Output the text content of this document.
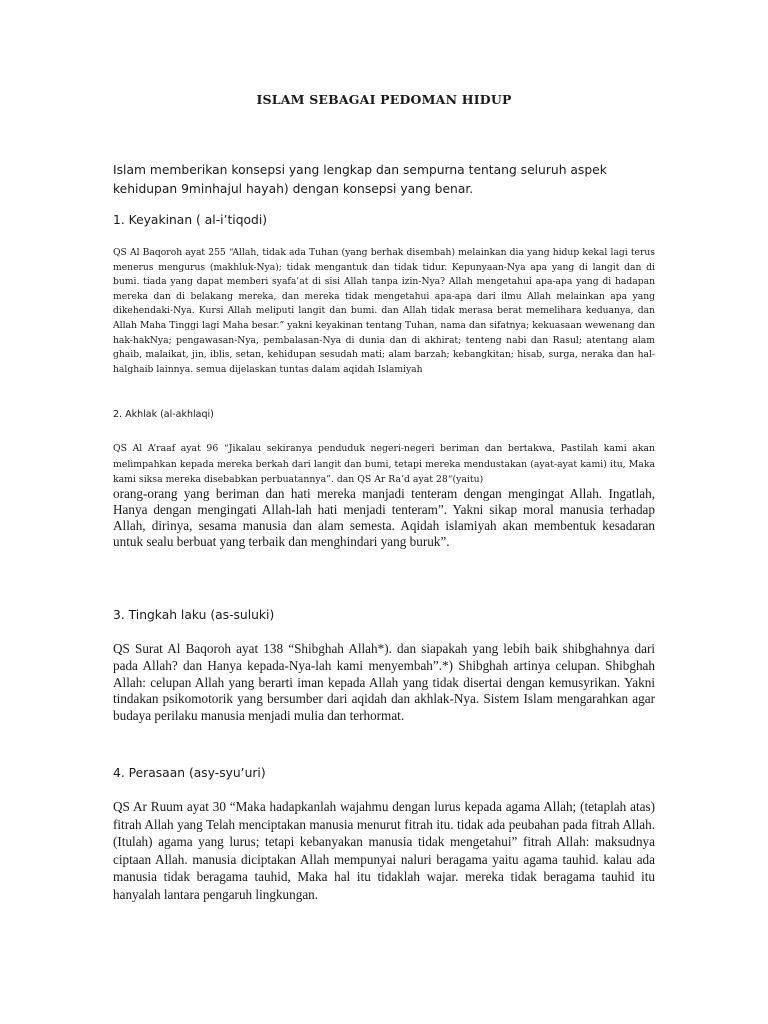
ISLAM SEBAGAI PEDOMAN HIDUP

Islam memberikan konsepsi yang lengkap dan sempurna tentang seluruh aspek kehidupan 9minhajul hayah) dengan konsepsi yang benar.

1. Keyakinan ( al-i’tiqodi)

QS Al Baqoroh ayat 255 “Allah, tidak ada Tuhan (yang berhak disembah) melainkan dia yang hidup kekal lagi terus menerus mengurus (makhluk-Nya); tidak mengantuk dan tidak tidur. Kepunyaan-Nya apa yang di langit dan di bumi. tiada yang dapat memberi syafa’at di sisi Allah tanpa izin-Nya? Allah mengetahui apa-apa yang di hadapan mereka dan di belakang mereka, dan mereka tidak mengetahui apa-apa dari ilmu Allah melainkan apa yang dikehendaki-Nya. Kursi Allah meliputi langit dan bumi. dan Allah tidak merasa berat memelihara keduanya, dan Allah Maha Tinggi lagi Maha besar.” yakni keyakinan tentang Tuhan, nama dan sifatnya; kekuasaan wewenang dan hak-hakNya; pengawasan-Nya, pembalasan-Nya di dunia dan di akhirat; tenteng nabi dan Rasul; atentang alam ghaib, malaikat, jin, iblis, setan, kehidupan sesudah mati; alam barzah; kebangkitan; hisab, surga, neraka dan hal-halghaib lainnya. semua dijelaskan tuntas dalam aqidah Islamiyah

2. Akhlak (al-akhlaqi)

QS Al A’raaf ayat 96 “Jikalau sekiranya penduduk negeri-negeri beriman dan bertakwa, Pastilah kami akan melimpahkan kepada mereka berkah dari langit dan bumi, tetapi mereka mendustakan (ayat-ayat kami) itu, Maka kami siksa mereka disebabkan perbuatannya”. dan QS Ar Ra’d ayat 28“(yaitu)

orang-orang yang beriman dan hati mereka manjadi tenteram dengan mengingat Allah. Ingatlah, Hanya dengan mengingati Allah-lah hati menjadi tenteram”. Yakni sikap moral manusia terhadap Allah, dirinya, sesama manusia dan alam semesta. Aqidah islamiyah akan membentuk kesadaran untuk sealu berbuat yang terbaik dan menghindari yang buruk”.

3. Tingkah laku (as-suluki)

QS Surat Al Baqoroh ayat 138 “Shibghah Allah*). dan siapakah yang lebih baik shibghahnya dari pada Allah? dan Hanya kepada-Nya-lah kami menyembah”.*) Shibghah artinya celupan. Shibghah Allah: celupan Allah yang berarti iman kepada Allah yang tidak disertai dengan kemusyrikan. Yakni tindakan psikomotorik yang bersumber dari aqidah dan akhlak-Nya. Sistem Islam mengarahkan agar budaya perilaku manusia menjadi mulia dan terhormat.

4. Perasaan (asy-syu’uri)

QS Ar Ruum ayat 30 “Maka hadapkanlah wajahmu dengan lurus kepada agama Allah; (tetaplah atas) fitrah Allah yang Telah menciptakan manusia menurut fitrah itu. tidak ada peubahan pada fitrah Allah. (Itulah) agama yang lurus; tetapi kebanyakan manusia tidak mengetahui” fitrah Allah: maksudnya ciptaan Allah. manusia diciptakan Allah mempunyai naluri beragama yaitu agama tauhid. kalau ada manusia tidak beragama tauhid, Maka hal itu tidaklah wajar. mereka tidak beragama tauhid itu hanyalah lantara pengaruh lingkungan.
